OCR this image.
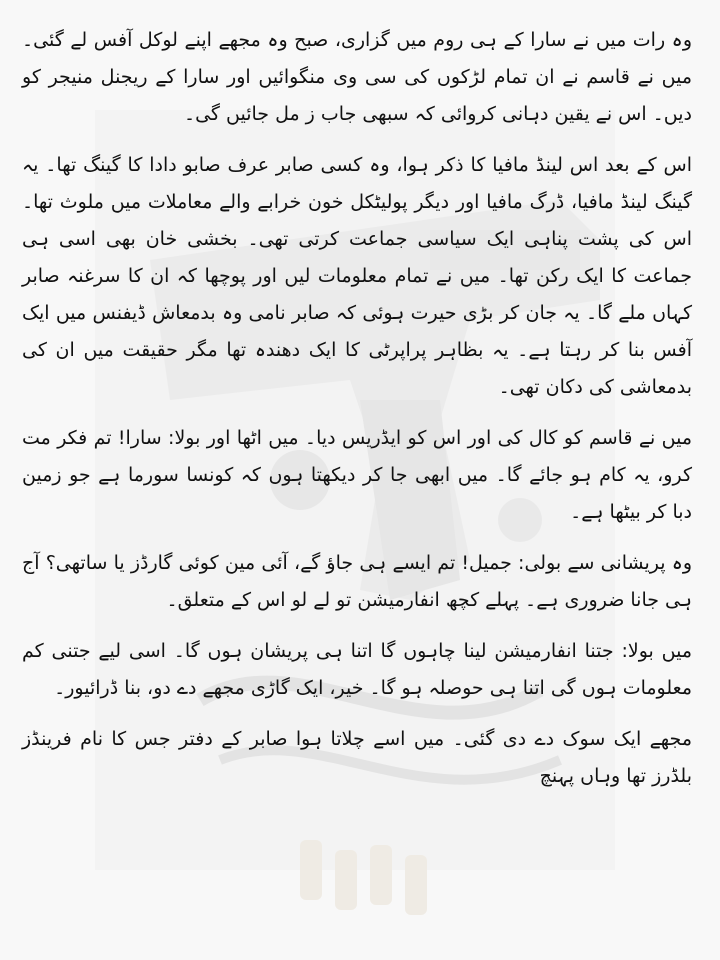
وہ رات میں نے سارا کے ہی روم میں گزاری، صبح وہ مجھے اپنے لوکل آفس لے گئی۔ میں نے قاسم نے ان تمام لڑکوں کی سی وی منگوائیں اور سارا کے ریجنل منیجر کو دیں۔ اس نے یقین دہانی کروائی کہ سبھی جاب ز مل جائیں گی۔

اس کے بعد اس لینڈ مافیا کا ذکر ہوا، وہ کسی صابر عرف صابو دادا کا گینگ تھا۔ یہ گینگ لینڈ مافیا، ڈرگ مافیا اور دیگر پولیٹکل خون خرابے والے معاملات میں ملوث تھا۔ اس کی پشت پناہی ایک سیاسی جماعت کرتی تھی۔ بخشی خان بھی اسی ہی جماعت کا ایک رکن تھا۔ میں نے تمام معلومات لیں اور پوچھا کہ ان کا سرغنہ صابر کہاں ملے گا۔ یہ جان کر بڑی حیرت ہوئی کہ صابر نامی وہ بدمعاش ڈیفنس میں ایک آفس بنا کر رہتا ہے۔ یہ بظاہر پراپرٹی کا ایک دھندہ تھا مگر حقیقت میں ان کی بدمعاشی کی دکان تھی۔

میں نے قاسم کو کال کی اور اس کو ایڈریس دیا۔ میں اٹھا اور بولا: سارا! تم فکر مت کرو، یہ کام ہو جائے گا۔ میں ابھی جا کر دیکھتا ہوں کہ کونسا سورما ہے جو زمین دبا کر بیٹھا ہے۔

وہ پریشانی سے بولی: جمیل! تم ایسے ہی جاؤ گے، آئی مین کوئی گارڈز یا ساتھی؟ آج ہی جانا ضروری ہے۔ پہلے کچھ انفارمیشن تو لے لو اس کے متعلق۔

میں بولا: جتنا انفارمیشن لینا چاہوں گا اتنا ہی پریشان ہوں گا۔ اسی لیے جتنی کم معلومات ہوں گی اتنا ہی حوصلہ ہو گا۔ خیر، ایک گاڑی مجھے دے دو، بنا ڈرائیور۔

مجھے ایک سوک دے دی گئی۔ میں اسے چلاتا ہوا صابر کے دفتر جس کا نام فرینڈز بلڈرز تھا وہاں پہنچ
